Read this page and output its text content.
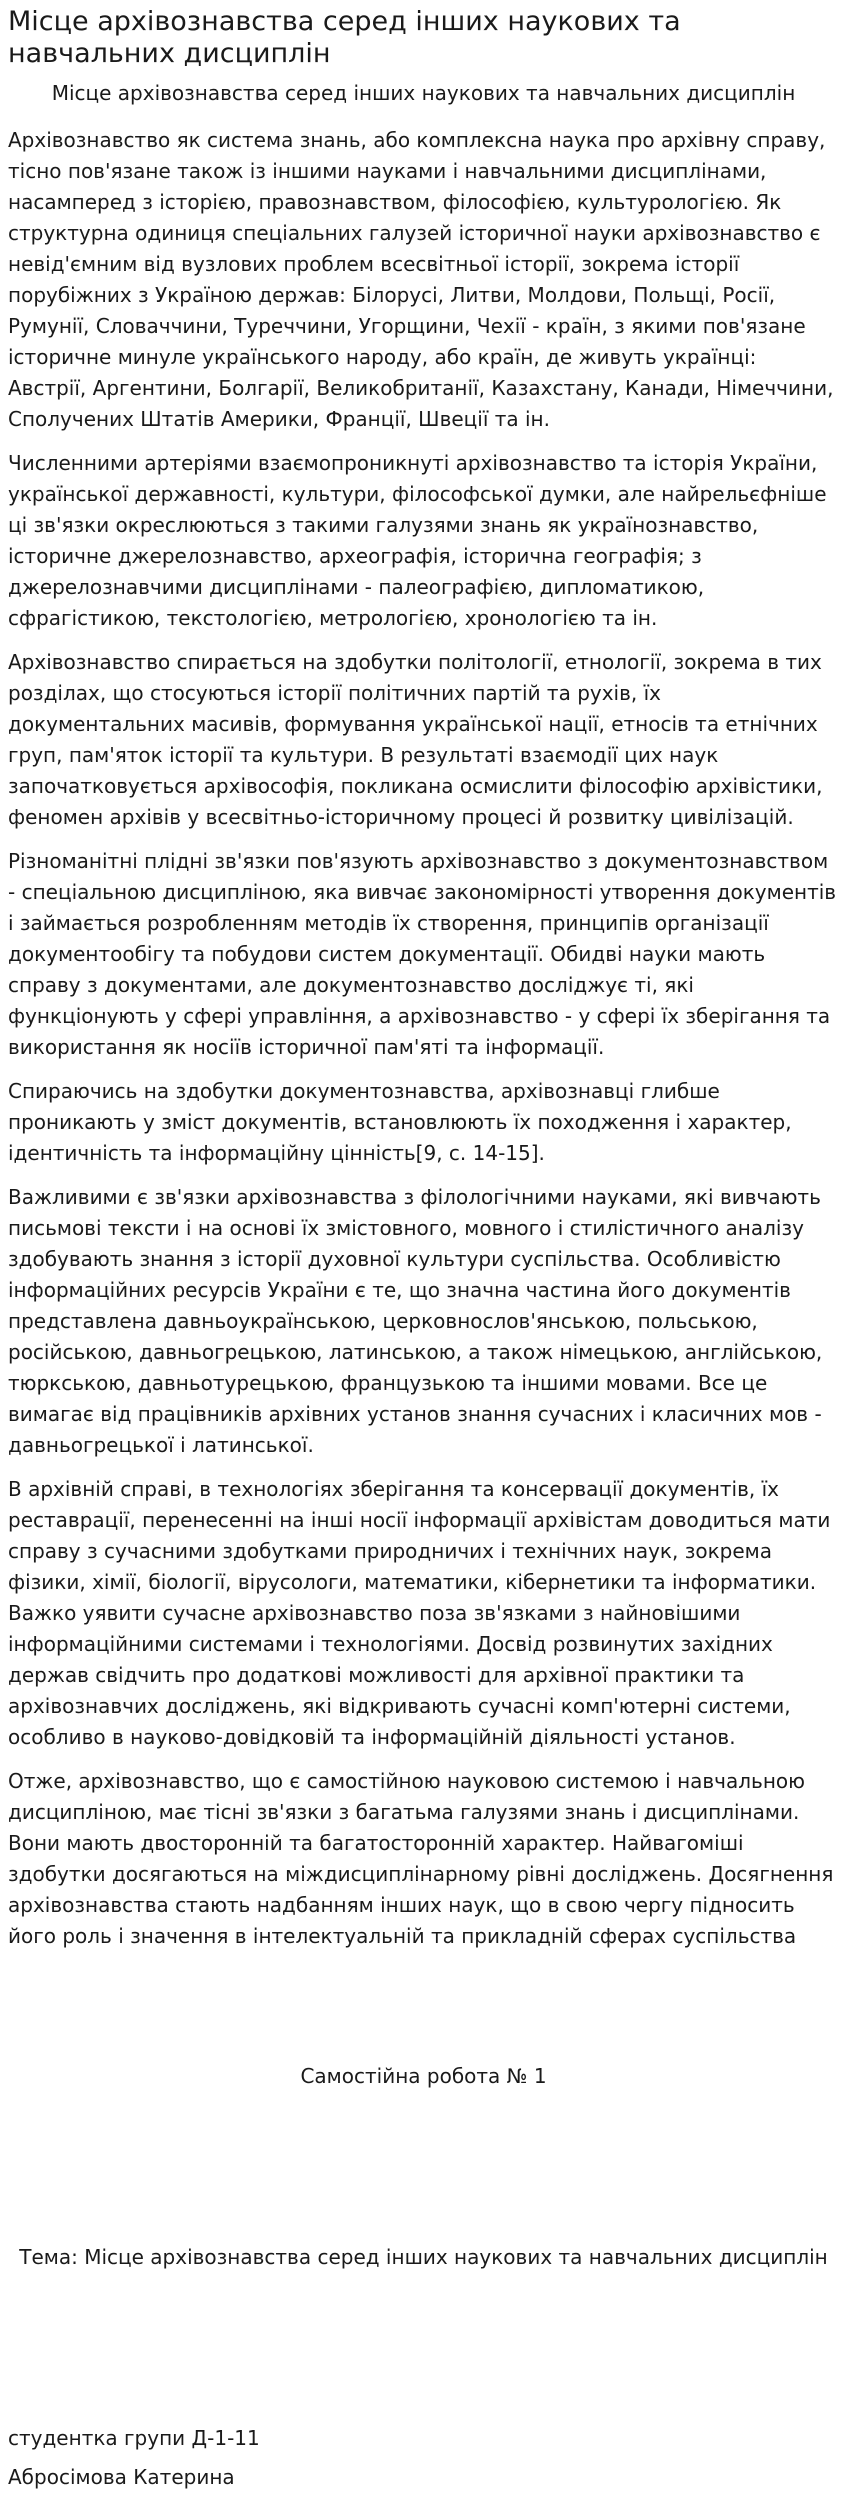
Місце архівознавства серед інших наукових та навчальних дисциплін
Місце архівознавства серед інших наукових та навчальних дисциплін

Архівознавство як система знань, або комплексна наука про архівну справу, тісно пов'язане також із іншими науками і навчальними дисциплінами, насамперед з історією, правознавством, філософією, культурологією. Як структурна одиниця спеціальних галузей історичної науки архівознавство є невід'ємним від вузлових проблем всесвітньої історії, зокрема історії порубіжних з Україною держав: Білорусі, Литви, Молдови, Польщі, Росії, Румунії, Словаччини, Туреччини, Угорщини, Чехії - країн, з якими пов'язане історичне минуле українського народу, або країн, де живуть українці: Австрії, Аргентини, Болгарії, Великобританії, Казахстану, Канади, Німеччини, Сполучених Штатів Америки, Франції, Швеції та ін.

Численними артеріями взаємопроникнуті архівознавство та історія України, української державності, культури, філософської думки, але найрельєфніше ці зв'язки окреслюються з такими галузями знань як українознавство, історичне джерелознавство, археографія, історична географія; з джерелознавчими дисциплінами - палеографією, дипломатикою, сфрагістикою, текстологією, метрологією, хронологією та ін.

Архівознавство спирається на здобутки політології, етнології, зокрема в тих розділах, що стосуються історії політичних партій та рухів, їх документальних масивів, формування української нації, етносів та етнічних груп, пам'яток історії та культури. В результаті взаємодії цих наук започатковується архівософія, покликана осмислити філософію архівістики, феномен архівів у всесвітньо-історичному процесі й розвитку цивілізацій.

Різноманітні плідні зв'язки пов'язують архівознавство з документознавством - спеціальною дисципліною, яка вивчає закономірності утворення документів і займається розробленням методів їх створення, принципів організації документообігу та побудови систем документації. Обидві науки мають справу з документами, але документознавство досліджує ті, які функціонують у сфері управління, а архівознавство - у сфері їх зберігання та використання як носіїв історичної пам'яті та інформації.

Спираючись на здобутки документознавства, архівознавці глибше проникають у зміст документів, встановлюють їх походження і характер, ідентичність та інформаційну цінність[9, с. 14-15].

Важливими є зв'язки архівознавства з філологічними науками, які вивчають письмові тексти і на основі їх змістовного, мовного і стилістичного аналізу здобувають знання з історії духовної культури суспільства. Особливістю інформаційних ресурсів України є те, що значна частина його документів представлена давньоукраїнською, церковнослов'янською, польською, російською, давньогрецькою, латинською, а також німецькою, англійською, тюркською, давньотурецькою, французькою та іншими мовами. Все це вимагає від працівників архівних установ знання сучасних і класичних мов - давньогрецької і латинської.

В архівній справі, в технологіях зберігання та консервації документів, їх реставрації, перенесенні на інші носії інформації архівістам доводиться мати справу з сучасними здобутками природничих і технічних наук, зокрема фізики, хімії, біології, вірусологи, математики, кібернетики та інформатики. Важко уявити сучасне архівознавство поза зв'язками з найновішими інформаційними системами і технологіями. Досвід розвинутих західних держав свідчить про додаткові можливості для архівної практики та архівознавчих досліджень, які відкривають сучасні комп'ютерні системи, особливо в науково-довідковій та інформаційній діяльності установ.

Отже, архівознавство, що є самостійною науковою системою і навчальною дисципліною, має тісні зв'язки з багатьма галузями знань і дисциплінами. Вони мають двосторонній та багатосторонній характер. Найвагоміші здобутки досягаються на міждисциплінарному рівні досліджень. Досягнення архівознавства стають надбанням інших наук, що в свою чергу підносить його роль і значення в інтелектуальній та прикладній сферах суспільства

Самостійна робота № 1

Тема: Місце архівознавства серед інших наукових та навчальних дисциплін

студентка групи Д-1-11

Абросімова Катерина
